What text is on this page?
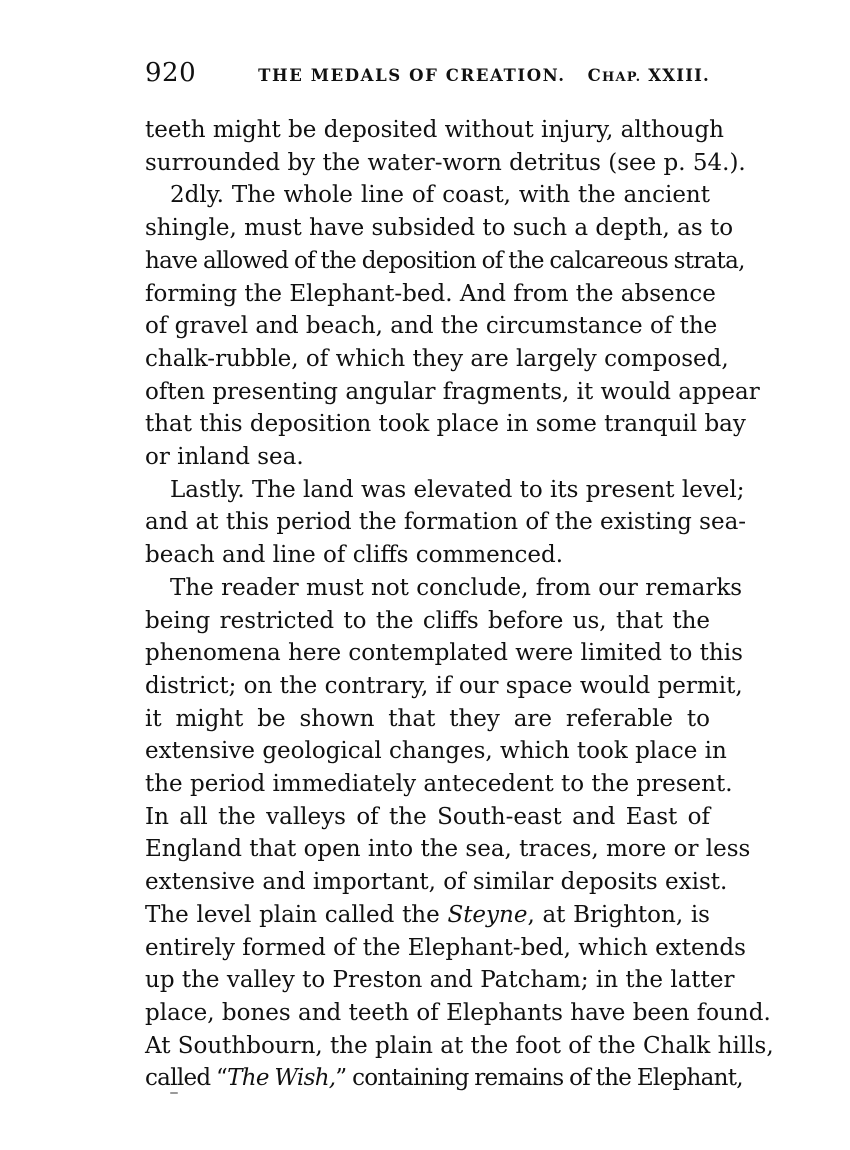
920	THE MEDALS OF CREATION. CHAP. XXIII.
teeth might be deposited without injury, although
surrounded by the water-worn detritus (see p. 54.).
2dly. The whole line of coast, with the ancient
shingle, must have subsided to such a depth, as to
have allowed of the deposition of the calcareous strata,
forming the Elephant-bed. And from the absence
of gravel and beach, and the circumstance of the
chalk-rubble, of which they are largely composed,
often presenting angular fragments, it would appear
that this deposition took place in some tranquil bay
or inland sea.
Lastly. The land was elevated to its present level;
and at this period the formation of the existing sea-
beach and line of cliffs commenced.
The reader must not conclude, from our remarks
being restricted to the cliffs before us, that the
phenomena here contemplated were limited to this
district; on the contrary, if our space would permit,
it might be shown that they are referable to
extensive geological changes, which took place in
the period immediately antecedent to the present.
In all the valleys of the South-east and East of
England that open into the sea, traces, more or less
extensive and important, of similar deposits exist.
The level plain called the Steyne, at Brighton, is
entirely formed of the Elephant-bed, which extends
up the valley to Preston and Patcham; in the latter
place, bones and teeth of Elephants have been found.
At Southbourn, the plain at the foot of the Chalk hills,
called “The Wish,” containing remains of the Elephant,
